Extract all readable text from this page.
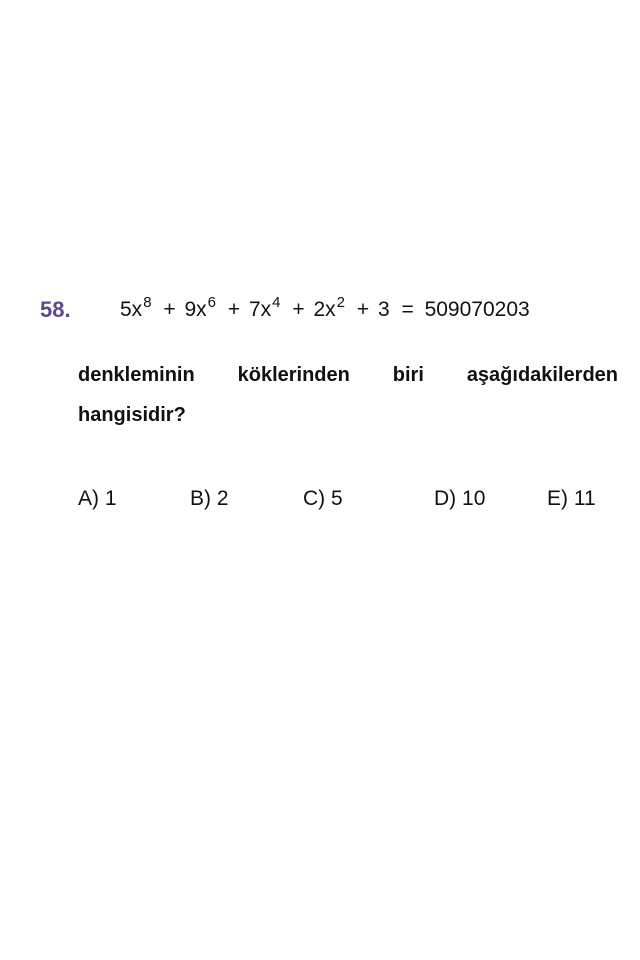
58. $5x^8 + 9x^6 + 7x^4 + 2x^2 + 3 = 509070203$
denkleminin köklerinden biri aşağıdakilerden
hangisidir?
A) 1	B) 2	C) 5	D) 10	E) 11
